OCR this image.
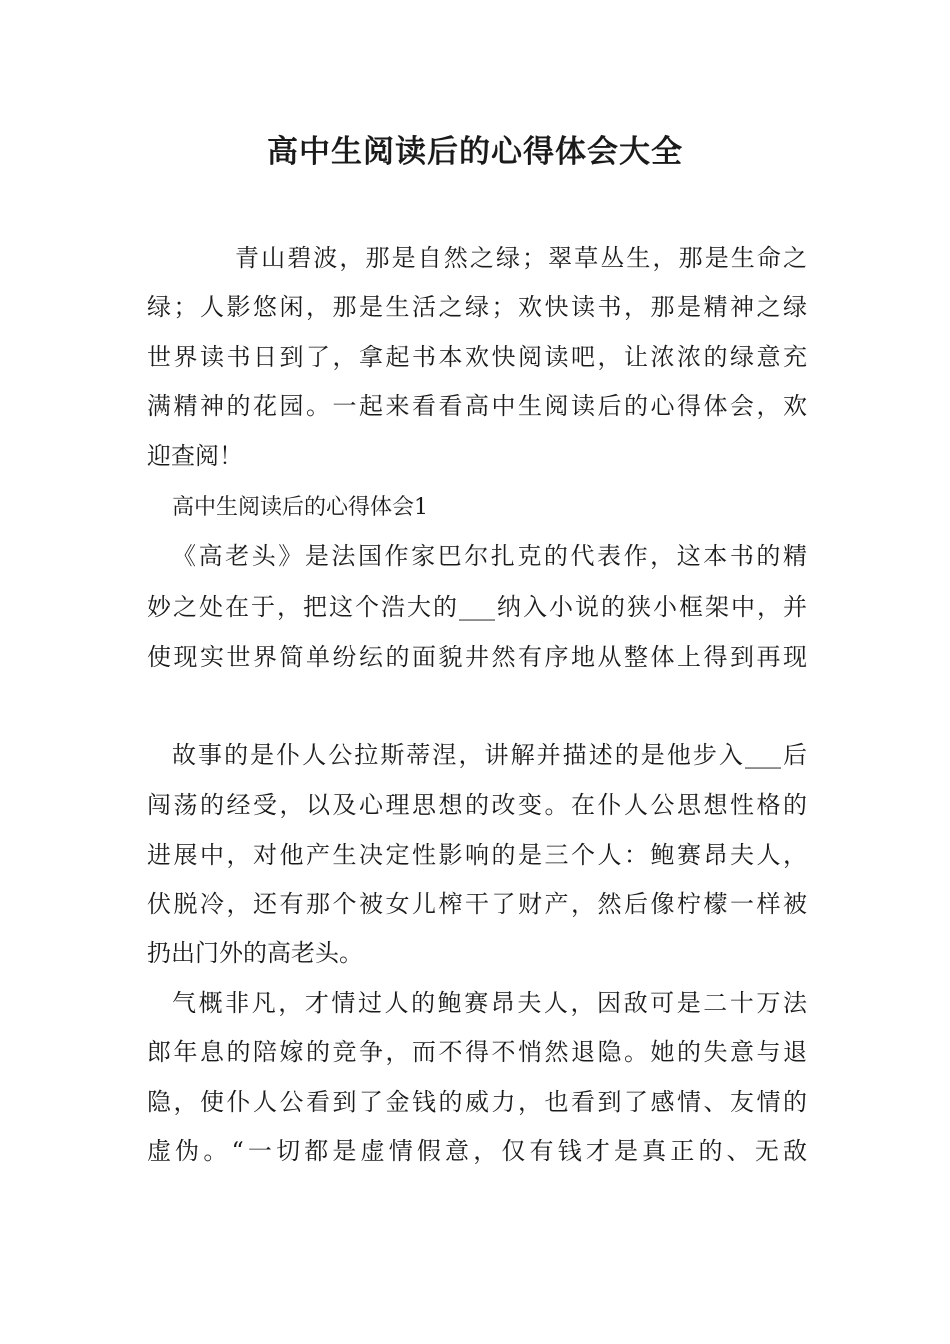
高中生阅读后的心得体会大全

青山碧波，那是自然之绿；翠草丛生，那是生命之

绿；人影悠闲，那是生活之绿；欢快读书，那是精神之绿

世界读书日到了，拿起书本欢快阅读吧，让浓浓的绿意充

满精神的花园。一起来看看高中生阅读后的心得体会，欢

迎查阅！

高中生阅读后的心得体会1

《高老头》是法国作家巴尔扎克的代表作，这本书的精

妙之处在于，把这个浩大的___纳入小说的狭小框架中，并

使现实世界简单纷纭的面貌井然有序地从整体上得到再现

故事的是仆人公拉斯蒂涅，讲解并描述的是他步入___后

闯荡的经受，以及心理思想的改变。在仆人公思想性格的

进展中，对他产生决定性影响的是三个人：鲍赛昂夫人，

伏脱冷，还有那个被女儿榨干了财产，然后像柠檬一样被

扔出门外的高老头。

气概非凡，才情过人的鲍赛昂夫人，因敌可是二十万法

郎年息的陪嫁的竞争，而不得不悄然退隐。她的失意与退

隐，使仆人公看到了金钱的威力，也看到了感情、友情的

虚伪。“一切都是虚情假意，仅有钱才是真正的、无敌
